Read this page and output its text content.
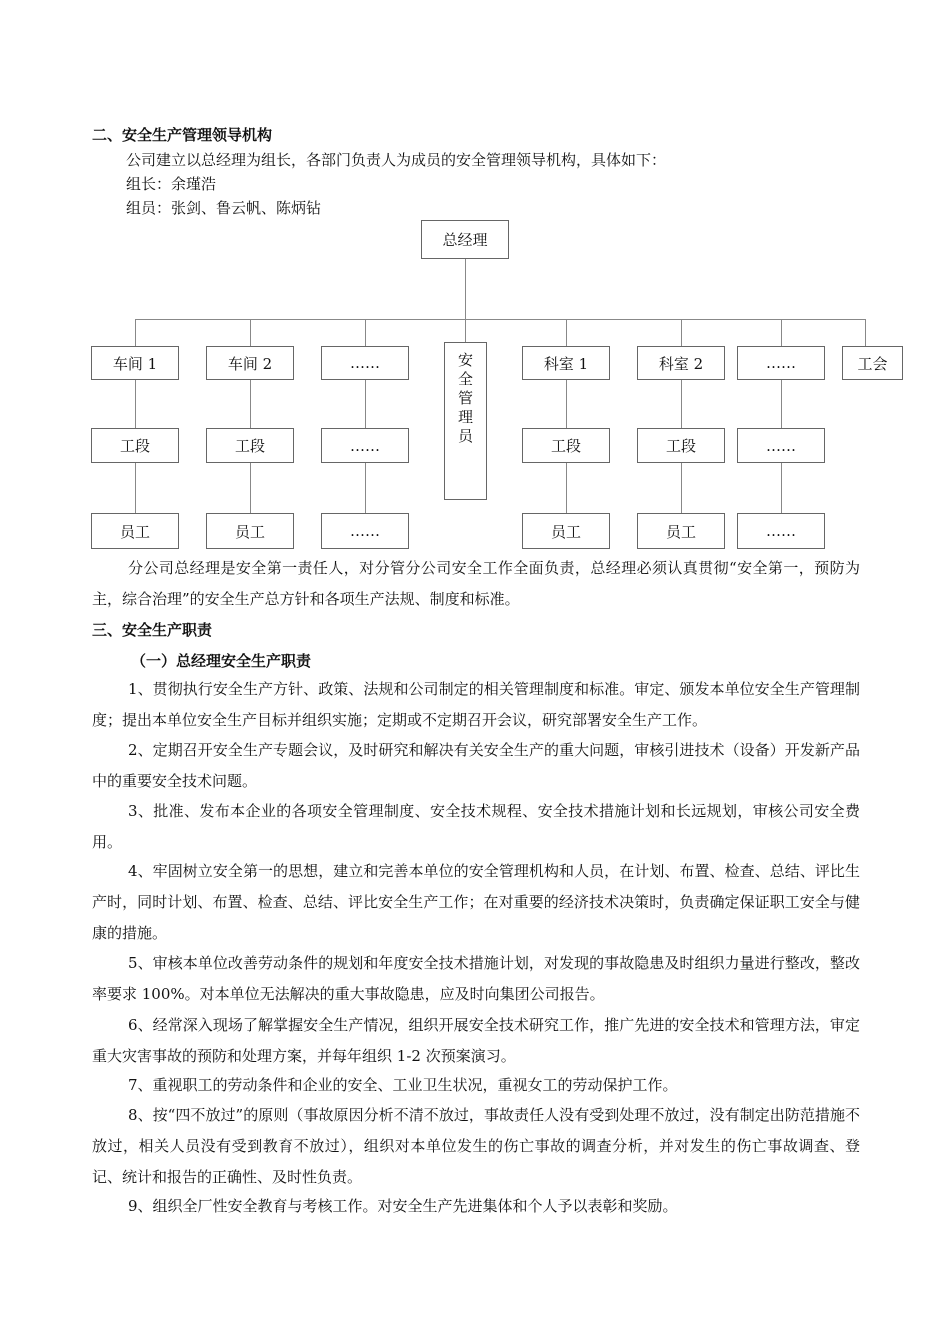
二、安全生产管理领导机构
公司建立以总经理为组长，各部门负责人为成员的安全管理领导机构，具体如下：
组长：余瑾浩
组员：张剑、鲁云帆、陈炳钻
总经理
车间 1	车间 2	……	科室 1	科室 2	……	工会
安
全
管
理
员
工段	工段	……	工段	工段	……
员工	员工	……	员工	员工	……
分公司总经理是安全第一责任人，对分管分公司安全工作全面负责，总经理必须认真贯彻“安全第一，预防为主，综合治理”的安全生产总方针和各项生产法规、制度和标准。
三、安全生产职责
（一）总经理安全生产职责
1、贯彻执行安全生产方针、政策、法规和公司制定的相关管理制度和标准。审定、颁发本单位安全生产管理制度；提出本单位安全生产目标并组织实施；定期或不定期召开会议，研究部署安全生产工作。
2、定期召开安全生产专题会议，及时研究和解决有关安全生产的重大问题，审核引进技术（设备）开发新产品中的重要安全技术问题。
3、批准、发布本企业的各项安全管理制度、安全技术规程、安全技术措施计划和长远规划，审核公司安全费用。
4、牢固树立安全第一的思想，建立和完善本单位的安全管理机构和人员，在计划、布置、检查、总结、评比生产时，同时计划、布置、检查、总结、评比安全生产工作；在对重要的经济技术决策时，负责确定保证职工安全与健康的措施。
5、审核本单位改善劳动条件的规划和年度安全技术措施计划，对发现的事故隐患及时组织力量进行整改，整改率要求 100%。对本单位无法解决的重大事故隐患，应及时向集团公司报告。
6、经常深入现场了解掌握安全生产情况，组织开展安全技术研究工作，推广先进的安全技术和管理方法，审定重大灾害事故的预防和处理方案，并每年组织 1-2 次预案演习。
7、重视职工的劳动条件和企业的安全、工业卫生状况，重视女工的劳动保护工作。
8、按“四不放过”的原则（事故原因分析不清不放过，事故责任人没有受到处理不放过，没有制定出防范措施不放过，相关人员没有受到教育不放过），组织对本单位发生的伤亡事故的调查分析，并对发生的伤亡事故调查、登记、统计和报告的正确性、及时性负责。
9、组织全厂性安全教育与考核工作。对安全生产先进集体和个人予以表彰和奖励。
